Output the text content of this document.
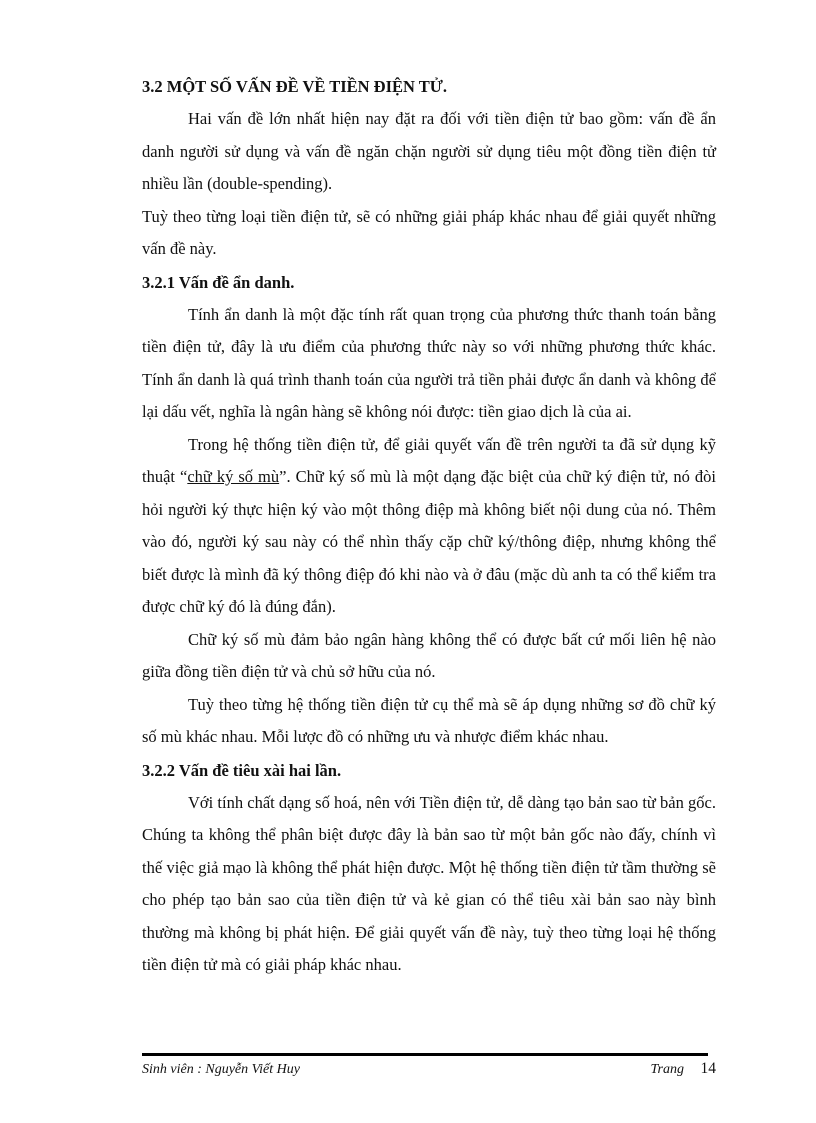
3.2 MỘT SỐ VẤN ĐỀ VỀ TIỀN ĐIỆN TỬ.

Hai vấn đề lớn nhất hiện nay đặt ra đối với tiền điện tử bao gồm: vấn đề ẩn danh người sử dụng và vấn đề ngăn chặn người sử dụng tiêu một đồng tiền điện tử nhiều lần (double-spending).

Tuỳ theo từng loại tiền điện tử, sẽ có những giải pháp khác nhau để giải quyết những vấn đề này.

3.2.1 Vấn đề ẩn danh.

Tính ẩn danh là một đặc tính rất quan trọng của phương thức thanh toán bằng tiền điện tử, đây là ưu điểm của phương thức này so với những phương thức khác. Tính ẩn danh là quá trình thanh toán của người trả tiền phải được ẩn danh và không để lại dấu vết, nghĩa là ngân hàng sẽ không nói được: tiền giao dịch là của ai.

Trong hệ thống tiền điện tử, để giải quyết vấn đề trên người ta đã sử dụng kỹ thuật “chữ ký số mù”. Chữ ký số mù là một dạng đặc biệt của chữ ký điện tử, nó đòi hỏi người ký thực hiện ký vào một thông điệp mà không biết nội dung của nó. Thêm vào đó, người ký sau này có thể nhìn thấy cặp chữ ký/thông điệp, nhưng không thể biết được là mình đã ký thông điệp đó khi nào và ở đâu (mặc dù anh ta có thể kiểm tra được chữ ký đó là đúng đắn).

Chữ ký số mù đảm bảo ngân hàng không thể có được bất cứ mối liên hệ nào giữa đồng tiền điện tử và chủ sở hữu của nó.

Tuỳ theo từng hệ thống tiền điện tử cụ thể mà sẽ áp dụng những sơ đồ chữ ký số mù khác nhau. Mỗi lược đồ có những ưu và nhược điểm khác nhau.

3.2.2 Vấn đề tiêu xài hai lần.

Với tính chất dạng số hoá, nên với Tiền điện tử, dễ dàng tạo bản sao từ bản gốc. Chúng ta không thể phân biệt được đây là bản sao từ một bản gốc nào đấy, chính vì thế việc giả mạo là không thể phát hiện được. Một hệ thống tiền điện tử tầm thường sẽ cho phép tạo bản sao của tiền điện tử và kẻ gian có thể tiêu xài bản sao này bình thường mà không bị phát hiện. Để giải quyết vấn đề này, tuỳ theo từng loại hệ thống tiền điện tử mà có giải pháp khác nhau.

Sinh viên : Nguyễn Viết Huy	Trang 14
